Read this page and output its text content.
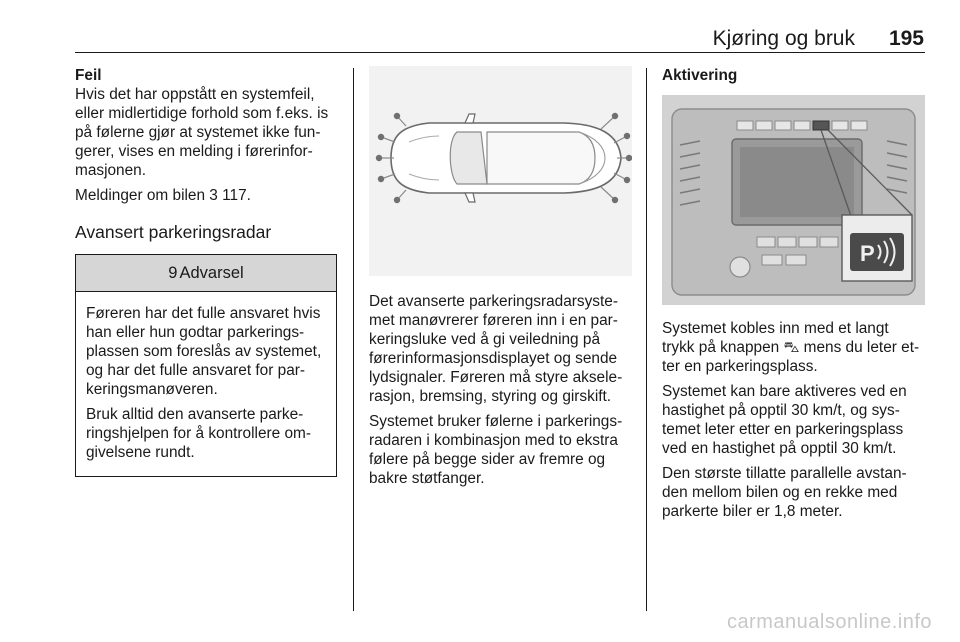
Kjøring og bruk 195
Feil

Hvis det har oppstått en systemfeil, eller midlertidige forhold som f.eks. is på følerne gjør at systemet ikke fungerer, vises en melding i førerinformasjonen.

Meldinger om bilen 3 117.

Avansert parkeringsradar
9 Advarsel

Føreren har det fulle ansvaret hvis han eller hun godtar parkeringsplassen som foreslås av systemet, og har det fulle ansvaret for parkeringsmanøveren.

Bruk alltid den avanserte parkeringshjelpen for å kontrollere omgivelsene rundt.

Det avanserte parkeringsradarsystemet manøvrerer føreren inn i en parkeringsluke ved å gi veiledning på førerinformasjonsdisplayet og sende lydsignaler. Føreren må styre akselerasjon, bremsing, styring og girskift.

Systemet bruker følerne i parkeringsradaren i kombinasjon med to ekstra følere på begge sider av fremre og bakre støtfanger.

Aktivering
P

Systemet kobles inn med et langt trykk på knappen ⛍ mens du leter etter en parkeringsplass.

Systemet kan bare aktiveres ved en hastighet på opptil 30 km/t, og systemet leter etter en parkeringsplass ved en hastighet på opptil 30 km/t.

Den største tillatte parallelle avstanden mellom bilen og en rekke med parkerte biler er 1,8 meter.

carmanualsonline.info
